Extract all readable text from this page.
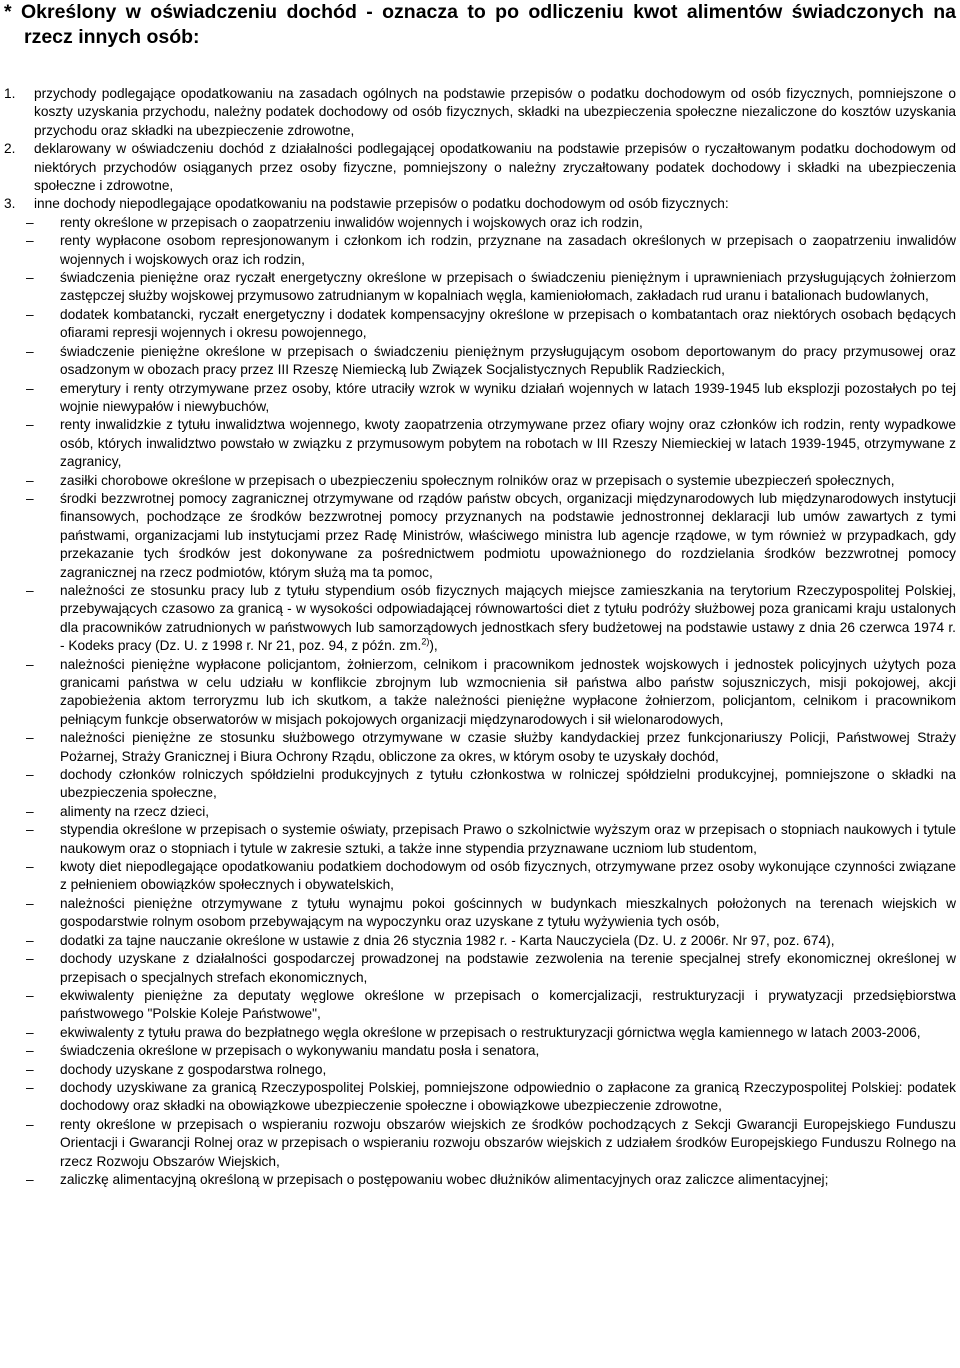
* Określony w oświadczeniu dochód - oznacza to po odliczeniu kwot alimentów świadczonych na rzecz innych osób:

1. przychody podlegające opodatkowaniu na zasadach ogólnych na podstawie przepisów o podatku dochodowym od osób fizycznych, pomniejszone o koszty uzyskania przychodu, należny podatek dochodowy od osób fizycznych, składki na ubezpieczenia społeczne niezaliczone do kosztów uzyskania przychodu oraz składki na ubezpieczenie zdrowotne,
2. deklarowany w oświadczeniu dochód z działalności podlegającej opodatkowaniu na podstawie przepisów o ryczałtowanym podatku dochodowym od niektórych przychodów osiąganych przez osoby fizyczne, pomniejszony o należny zryczałtowany podatek dochodowy i składki na ubezpieczenia społeczne i zdrowotne,
3. inne dochody niepodlegające opodatkowaniu na podstawie przepisów o podatku dochodowym od osób fizycznych:
– renty określone w przepisach o zaopatrzeniu inwalidów wojennych i wojskowych oraz ich rodzin,
– renty wypłacone osobom represjonowanym i członkom ich rodzin, przyznane na zasadach określonych w przepisach o zaopatrzeniu inwalidów wojennych i wojskowych oraz ich rodzin,
– świadczenia pieniężne oraz ryczałt energetyczny określone w przepisach o świadczeniu pieniężnym i uprawnieniach przysługujących żołnierzom zastępczej służby wojskowej przymusowo zatrudnianym w kopalniach węgla, kamieniołomach, zakładach rud uranu i batalionach budowlanych,
– dodatek kombatancki, ryczałt energetyczny i dodatek kompensacyjny określone w przepisach o kombatantach oraz niektórych osobach będących ofiarami represji wojennych i okresu powojennego,
– świadczenie pieniężne określone w przepisach o świadczeniu pieniężnym przysługującym osobom deportowanym do pracy przymusowej oraz osadzonym w obozach pracy przez III Rzeszę Niemiecką lub Związek Socjalistycznych Republik Radzieckich,
– emerytury i renty otrzymywane przez osoby, które utraciły wzrok w wyniku działań wojennych w latach 1939-1945 lub eksplozji pozostałych po tej wojnie niewypałów i niewybuchów,
– renty inwalidzkie z tytułu inwalidztwa wojennego, kwoty zaopatrzenia otrzymywane przez ofiary wojny oraz członków ich rodzin, renty wypadkowe osób, których inwalidztwo powstało w związku z przymusowym pobytem na robotach w III Rzeszy Niemieckiej w latach 1939-1945, otrzymywane z zagranicy,
– zasiłki chorobowe określone w przepisach o ubezpieczeniu społecznym rolników oraz w przepisach o systemie ubezpieczeń społecznych,
– środki bezzwrotnej pomocy zagranicznej otrzymywane od rządów państw obcych, organizacji międzynarodowych lub międzynarodowych instytucji finansowych, pochodzące ze środków bezzwrotnej pomocy przyznanych na podstawie jednostronnej deklaracji lub umów zawartych z tymi państwami, organizacjami lub instytucjami przez Radę Ministrów, właściwego ministra lub agencje rządowe, w tym również w przypadkach, gdy przekazanie tych środków jest dokonywane za pośrednictwem podmiotu upoważnionego do rozdzielania środków bezzwrotnej pomocy zagranicznej na rzecz podmiotów, którym służą ma ta pomoc,
– należności ze stosunku pracy lub z tytułu stypendium osób fizycznych mających miejsce zamieszkania na terytorium Rzeczypospolitej Polskiej, przebywających czasowo za granicą - w wysokości odpowiadającej równowartości diet z tytułu podróży służbowej poza granicami kraju ustalonych dla pracowników zatrudnionych w państwowych lub samorządowych jednostkach sfery budżetowej na podstawie ustawy z dnia 26 czerwca 1974 r. - Kodeks pracy (Dz. U. z 1998 r. Nr 21, poz. 94, z późn. zm.$^{2)}$),
– należności pieniężne wypłacone policjantom, żołnierzom, celnikom i pracownikom jednostek wojskowych i jednostek policyjnych użytych poza granicami państwa w celu udziału w konflikcie zbrojnym lub wzmocnienia sił państwa albo państw sojuszniczych, misji pokojowej, akcji zapobieżenia aktom terroryzmu lub ich skutkom, a także należności pieniężne wypłacone żołnierzom, policjantom, celnikom i pracownikom pełniącym funkcje obserwatorów w misjach pokojowych organizacji międzynarodowych i sił wielonarodowych,
– należności pieniężne ze stosunku służbowego otrzymywane w czasie służby kandydackiej przez funkcjonariuszy Policji, Państwowej Straży Pożarnej, Straży Granicznej i Biura Ochrony Rządu, obliczone za okres, w którym osoby te uzyskały dochód,
– dochody członków rolniczych spółdzielni produkcyjnych z tytułu członkostwa w rolniczej spółdzielni produkcyjnej, pomniejszone o składki na ubezpieczenia społeczne,
– alimenty na rzecz dzieci,
– stypendia określone w przepisach o systemie oświaty, przepisach Prawo o szkolnictwie wyższym oraz w przepisach o stopniach naukowych i tytule naukowym oraz o stopniach i tytule w zakresie sztuki, a także inne stypendia przyznawane uczniom lub studentom,
– kwoty diet niepodlegające opodatkowaniu podatkiem dochodowym od osób fizycznych, otrzymywane przez osoby wykonujące czynności związane z pełnieniem obowiązków społecznych i obywatelskich,
– należności pieniężne otrzymywane z tytułu wynajmu pokoi gościnnych w budynkach mieszkalnych położonych na terenach wiejskich w gospodarstwie rolnym osobom przebywającym na wypoczynku oraz uzyskane z tytułu wyżywienia tych osób,
– dodatki za tajne nauczanie określone w ustawie z dnia 26 stycznia 1982 r. - Karta Nauczyciela (Dz. U. z 2006r. Nr 97, poz. 674),
– dochody uzyskane z działalności gospodarczej prowadzonej na podstawie zezwolenia na terenie specjalnej strefy ekonomicznej określonej w przepisach o specjalnych strefach ekonomicznych,
– ekwiwalenty pieniężne za deputaty węglowe określone w przepisach o komercjalizacji, restrukturyzacji i prywatyzacji przedsiębiorstwa państwowego "Polskie Koleje Państwowe",
– ekwiwalenty z tytułu prawa do bezpłatnego węgla określone w przepisach o restrukturyzacji górnictwa węgla kamiennego w latach 2003-2006,
– świadczenia określone w przepisach o wykonywaniu mandatu posła i senatora,
– dochody uzyskane z gospodarstwa rolnego,
– dochody uzyskiwane za granicą Rzeczypospolitej Polskiej, pomniejszone odpowiednio o zapłacone za granicą Rzeczypospolitej Polskiej: podatek dochodowy oraz składki na obowiązkowe ubezpieczenie społeczne i obowiązkowe ubezpieczenie zdrowotne,
– renty określone w przepisach o wspieraniu rozwoju obszarów wiejskich ze środków pochodzących z Sekcji Gwarancji Europejskiego Funduszu Orientacji i Gwarancji Rolnej oraz w przepisach o wspieraniu rozwoju obszarów wiejskich z udziałem środków Europejskiego Funduszu Rolnego na rzecz Rozwoju Obszarów Wiejskich,
– zaliczkę alimentacyjną określoną w przepisach o postępowaniu wobec dłużników alimentacyjnych oraz zaliczce alimentacyjnej;
